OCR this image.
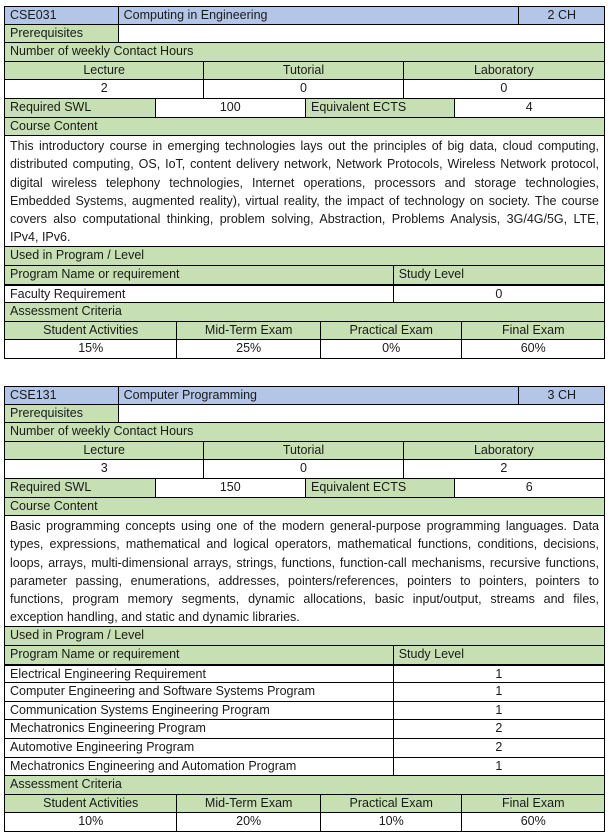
CSE031	Computing in Engineering	2 CH
Prerequisites
Number of weekly Contact Hours
Lecture	Tutorial	Laboratory
2	0	0
Required SWL	100	Equivalent ECTS	4
Course Content
This introductory course in emerging technologies lays out the principles of big data, cloud computing, distributed computing, OS, IoT, content delivery network, Network Protocols, Wireless Network protocol, digital wireless telephony technologies, Internet operations, processors and storage technologies, Embedded Systems, augmented reality), virtual reality, the impact of technology on society. The course covers also computational thinking, problem solving, Abstraction, Problems Analysis, 3G/4G/5G, LTE, IPv4, IPv6.
Used in Program / Level
Program Name or requirement	Study Level
Faculty Requirement	0
Assessment Criteria
Student Activities	Mid-Term Exam	Practical Exam	Final Exam
15%	25%	0%	60%
CSE131	Computer Programming	3 CH
Prerequisites
Number of weekly Contact Hours
Lecture	Tutorial	Laboratory
3	0	2
Required SWL	150	Equivalent ECTS	6
Course Content
Basic programming concepts using one of the modern general-purpose programming languages. Data types, expressions, mathematical and logical operators, mathematical functions, conditions, decisions, loops, arrays, multi-dimensional arrays, strings, functions, function-call mechanisms, recursive functions, parameter passing, enumerations, addresses, pointers/references, pointers to pointers, pointers to functions, program memory segments, dynamic allocations, basic input/output, streams and files, exception handling, and static and dynamic libraries.
Used in Program / Level
Program Name or requirement	Study Level
Electrical Engineering Requirement	1
Computer Engineering and Software Systems Program	1
Communication Systems Engineering Program	1
Mechatronics Engineering Program	2
Automotive Engineering Program	2
Mechatronics Engineering and Automation Program	1
Assessment Criteria
Student Activities	Mid-Term Exam	Practical Exam	Final Exam
10%	20%	10%	60%
